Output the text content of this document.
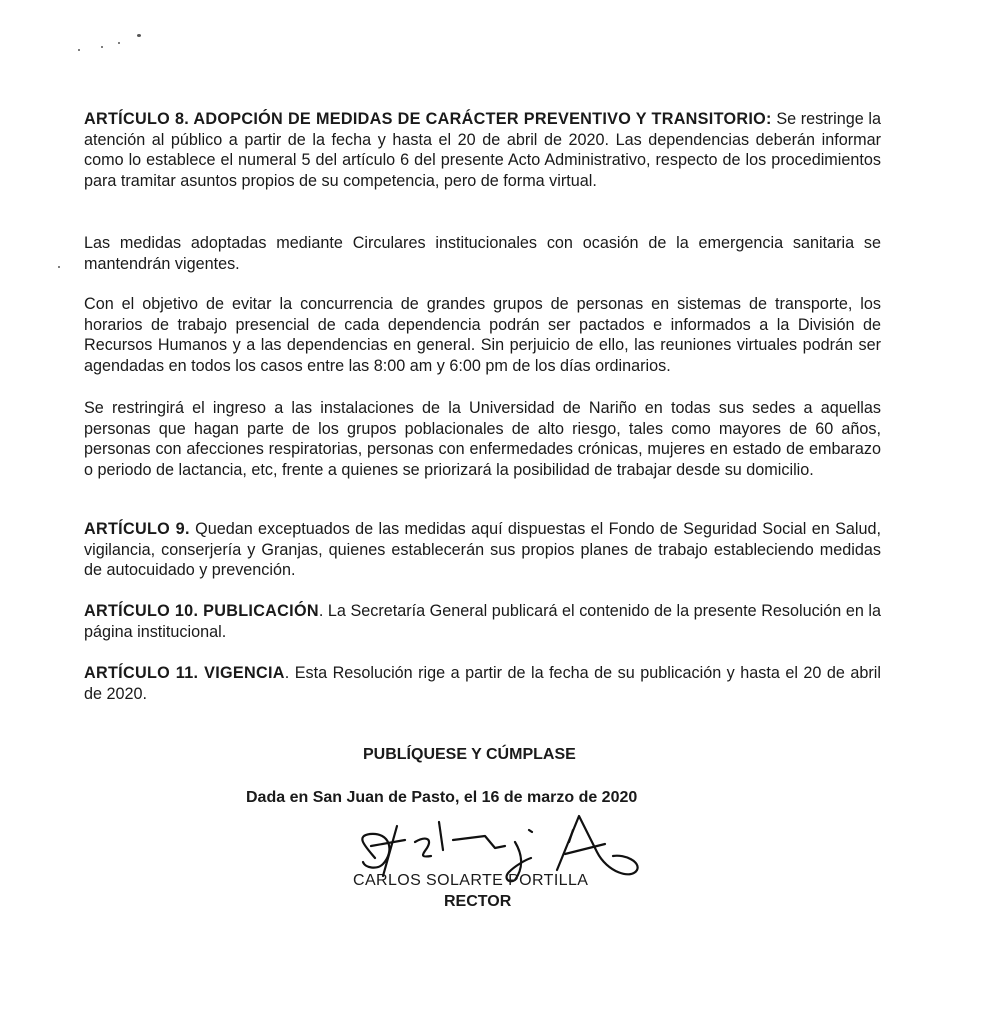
ARTÍCULO 8. ADOPCIÓN DE MEDIDAS DE CARÁCTER PREVENTIVO Y TRANSITORIO: Se restringe la atención al público a partir de la fecha y hasta el 20 de abril de 2020. Las dependencias deberán informar como lo establece el numeral 5 del artículo 6 del presente Acto Administrativo, respecto de los procedimientos para tramitar asuntos propios de su competencia, pero de forma virtual.

Las medidas adoptadas mediante Circulares institucionales con ocasión de la emergencia sanitaria se mantendrán vigentes.

Con el objetivo de evitar la concurrencia de grandes grupos de personas en sistemas de transporte, los horarios de trabajo presencial de cada dependencia podrán ser pactados e informados a la División de Recursos Humanos y a las dependencias en general. Sin perjuicio de ello, las reuniones virtuales podrán ser agendadas en todos los casos entre las 8:00 am y 6:00 pm de los días ordinarios.

Se restringirá el ingreso a las instalaciones de la Universidad de Nariño en todas sus sedes a aquellas personas que hagan parte de los grupos poblacionales de alto riesgo, tales como mayores de 60 años, personas con afecciones respiratorias, personas con enfermedades crónicas, mujeres en estado de embarazo o periodo de lactancia, etc, frente a quienes se priorizará la posibilidad de trabajar desde su domicilio.

ARTÍCULO 9. Quedan exceptuados de las medidas aquí dispuestas el Fondo de Seguridad Social en Salud, vigilancia, conserjería y Granjas, quienes establecerán sus propios planes de trabajo estableciendo medidas de autocuidado y prevención.

ARTÍCULO 10. PUBLICACIÓN. La Secretaría General publicará el contenido de la presente Resolución en la página institucional.

ARTÍCULO 11. VIGENCIA. Esta Resolución rige a partir de la fecha de su publicación y hasta el 20 de abril de 2020.

PUBLÍQUESE Y CÚMPLASE

Dada en San Juan de Pasto, el 16 de marzo de 2020

CARLOS SOLARTE PORTILLA

RECTOR
